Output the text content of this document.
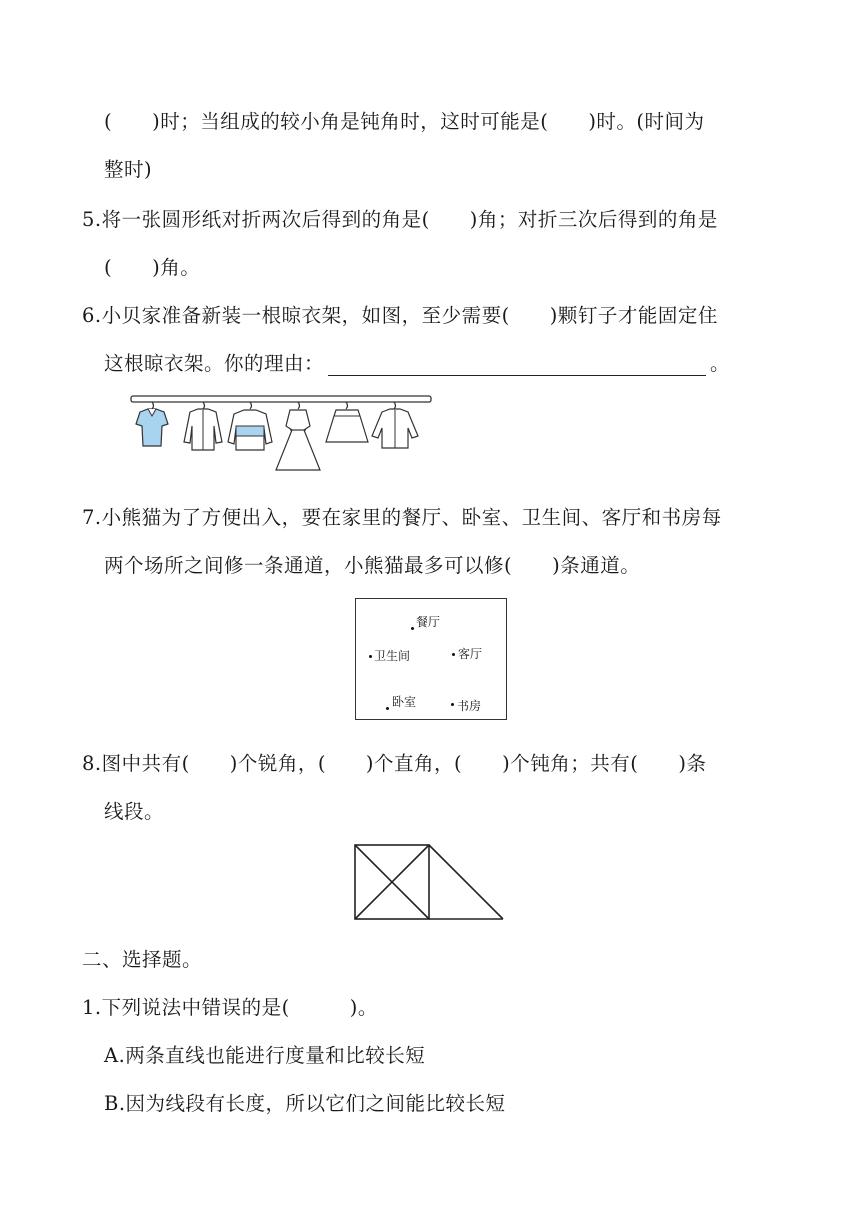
(　　)时；当组成的较小角是钝角时，这时可能是(　　)时。(时间为
整时)
5.将一张圆形纸对折两次后得到的角是(　　)角；对折三次后得到的角是
(　　)角。
6.小贝家准备新装一根晾衣架，如图，至少需要(　　)颗钉子才能固定住
这根晾衣架。你的理由：	。
7.小熊猫为了方便出入，要在家里的餐厅、卧室、卫生间、客厅和书房每
两个场所之间修一条通道，小熊猫最多可以修(　　)条通道。
餐厅
卫生间	客厅
卧室	书房
8.图中共有(　　)个锐角，(　　)个直角，(　　)个钝角；共有(　　)条
线段。
二、选择题。
1.下列说法中错误的是(　　　)。
A.两条直线也能进行度量和比较长短
B.因为线段有长度，所以它们之间能比较长短
